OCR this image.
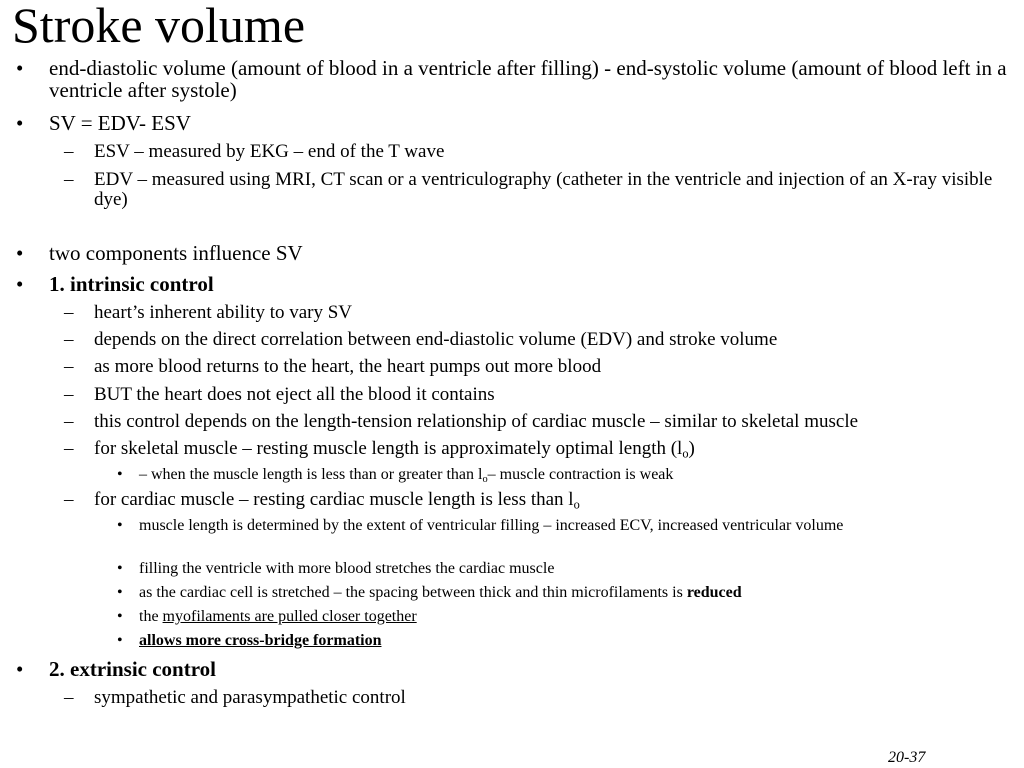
Stroke volume
• end-diastolic volume (amount of blood in a ventricle after filling) - end-systolic volume (amount of blood left in a ventricle after systole)
• SV = EDV- ESV
– ESV – measured by EKG – end of the T wave
– EDV – measured using MRI, CT scan or a ventriculography (catheter in the ventricle and injection of an X-ray visible dye)
• two components influence SV
• 1. intrinsic control
– heart’s inherent ability to vary SV
– depends on the direct correlation between end-diastolic volume (EDV) and stroke volume
– as more blood returns to the heart, the heart pumps out more blood
– BUT the heart does not eject all the blood it contains
– this control depends on the length-tension relationship of cardiac muscle – similar to skeletal muscle
– for skeletal muscle – resting muscle length is approximately optimal length $(l_o)$
• – when the muscle length is less than or greater than $l_o-$ muscle contraction is weak
– for cardiac muscle – resting cardiac muscle length is less than $l_o$
• muscle length is determined by the extent of ventricular filling – increased ECV, increased ventricular volume
• filling the ventricle with more blood stretches the cardiac muscle
• as the cardiac cell is stretched – the spacing between thick and thin microfilaments is reduced
• the myofilaments are pulled closer together
• allows more cross-bridge formation
• 2. extrinsic control
– sympathetic and parasympathetic control
20-37
